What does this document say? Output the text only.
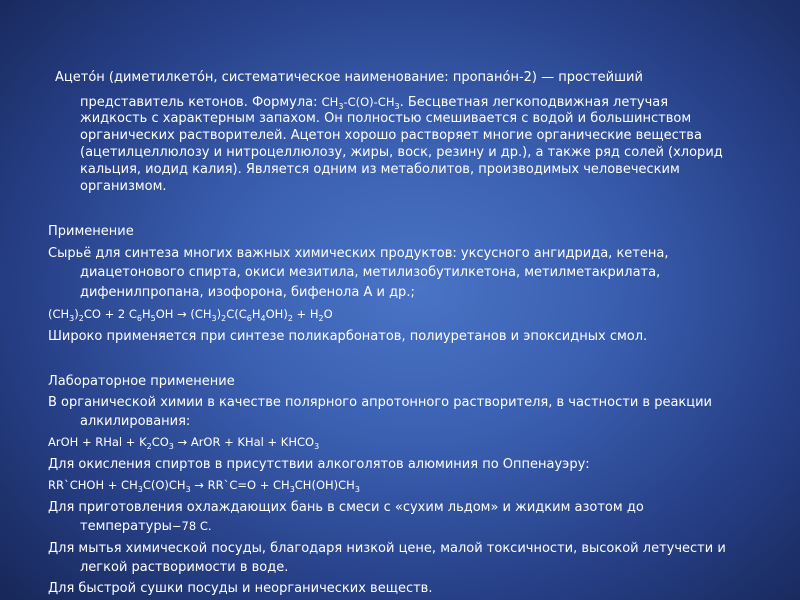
Ацето́н (диметилкето́н, систематическое наименование: пропано́н-2) — простейший
представитель кетонов. Формула: $CH_3-C(O)-CH_3$. Бесцветная легкоподвижная летучая
жидкость с характерным запахом. Он полностью смешивается с водой и большинством
органических растворителей. Ацетон хорошо растворяет многие органические вещества
(ацетилцеллюлозу и нитроцеллюлозу, жиры, воск, резину и др.), а также ряд солей (хлорид
кальция, иодид калия). Является одним из метаболитов, производимых человеческим
организмом.
Применение
Сырьё для синтеза многих важных химических продуктов: уксусного ангидрида, кетена,
диацетонового спирта, окиси мезитила, метилизобутилкетона, метилметакрилата,
дифенилпропана, изофорона, бифенола А и др.;
$(CH_3)_2CO + 2$ $C_6H_5OH \to (CH_3)_2C(C_6H_4OH)_2 + H_2O$
Широко применяется при синтезе поликарбонатов, полиуретанов и эпоксидных смол.
Лабораторное применение
В органической химии в качестве полярного апротонного растворителя, в частности в реакции
алкилирования:
ArOH + RHal + $K_2CO_3$ → ArOR + KHal + $KHCO_3$
Для окисления спиртов в присутствии алкоголятов алюминия по Оппенауэру:
RR`CHOH + $CH_3C(O)CH_3$ → RR`C=O + $CH_3CH(OH)CH_3$
Для приготовления охлаждающих бань в смеси с «сухим льдом» и жидким азотом до
температуры−78 C.
Для мытья химической посуды, благодаря низкой цене, малой токсичности, высокой летучести и
легкой растворимости в воде.
Для быстрой сушки посуды и неорганических веществ.
